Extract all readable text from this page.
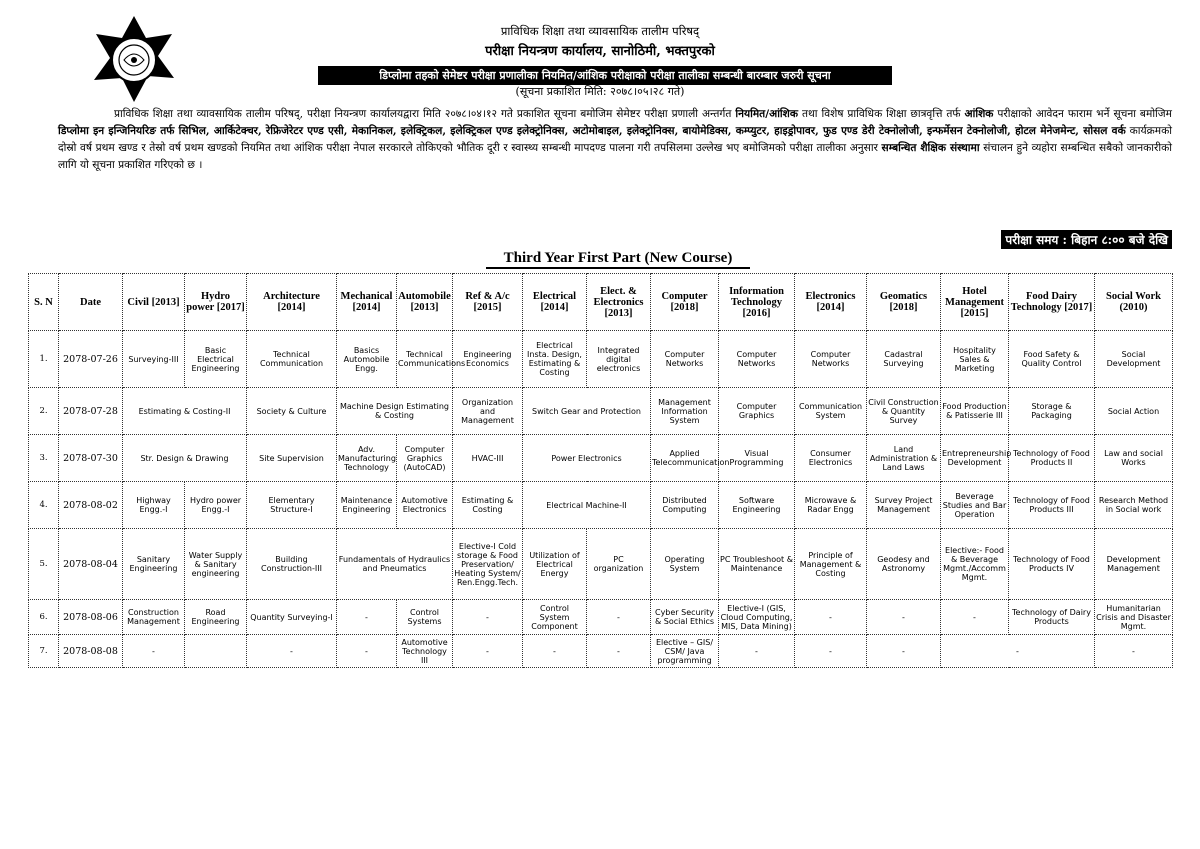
प्राविधिक शिक्षा तथा व्यावसायिक तालीम परिषद्
परीक्षा नियन्त्रण कार्यालय, सानोठिमी, भक्तपुरको
डिप्लोमा तहको सेमेष्टर परीक्षा प्रणालीका नियमित/आंशिक परीक्षाको परीक्षा तालीका सम्बन्धी बारम्बार जरुरी सूचना
(सूचना प्रकाशित मिति: २०७८।०५।२८ गते)
प्राविधिक शिक्षा तथा व्यावसायिक तालीम परिषद्, परीक्षा नियन्त्रण कार्यालयद्वारा मिति २०७८।०४।१२ गते प्रकाशित सूचना बमोजिम सेमेष्टर परीक्षा प्रणाली अन्तर्गत नियमित/आंशिक तथा विशेष प्राविधिक शिक्षा छात्रवृत्ति तर्फ आंशिक परीक्षाको आवेदन फाराम भर्ने सूचना बमोजिम डिप्लोमा इन इन्जिनियरिङ तर्फ सिभिल, आर्किटेक्चर, रेफ्रिजेरेटर एण्ड एसी, मेकानिकल, इलेक्ट्रिकल, इलेक्ट्रिकल एण्ड इलेक्ट्रोनिक्स, अटोमोबाइल, इलेक्ट्रोनिक्स, बायोमेडिक्स, कम्प्युटर, हाइड्रोपावर, फुड एण्ड डेरी टेक्नोलोजी, इन्फर्मेसन टेक्नोलोजी, होटल मेनेजमेन्ट, सोसल वर्क कार्यक्रमको दोस्रो वर्ष प्रथम खण्ड र तेस्रो वर्ष प्रथम खण्डको नियमित तथा आंशिक परीक्षा नेपाल सरकारले तोकिएको भौतिक दूरी र स्वास्थ्य सम्बन्धी मापदण्ड पालना गरी तपसिलमा उल्लेख भए बमोजिमको परीक्षा तालीका अनुसार सम्बन्धित शैक्षिक संस्थामा संचालन हुने व्यहोरा सम्बन्धित सबैको जानकारीको लागि यो सूचना प्रकाशित गरिएको छ ।
परीक्षा समय : बिहान ८:०० बजे देखि
Third Year First Part (New Course)
S. N	Date	Civil [2013]	Hydro power [2017]	Architecture [2014]	Mechanical [2014]	Automobile [2013]	Ref & A/c [2015]	Electrical [2014]	Elect. & Electronics [2013]	Computer [2018]	Information Technology [2016]	Electronics [2014]	Geomatics [2018]	Hotel Management [2015]	Food Dairy Technology [2017]	Social Work (2010)
1.	2078-07-26	Surveying-III	Basic Electrical Engineering	Technical Communication	Basics Automobile Engg.	Technical Communications	Engineering Economics	Electrical Insta. Design, Estimating & Costing	Integrated digital electronics	Computer Networks	Computer Networks	Computer Networks	Cadastral Surveying	Hospitality Sales & Marketing	Food Safety & Quality Control	Social Development
2.	2078-07-28	Estimating & Costing-II		Society & Culture	Machine Design Estimating & Costing		Organization and Management	Switch Gear and Protection		Management Information System	Computer Graphics	Communication System	Civil Construction & Quantity Survey	Food Production & Patisserie III	Storage & Packaging	Social Action
3.	2078-07-30	Str. Design & Drawing		Site Supervision	Adv. Manufacturing Technology	Computer Graphics (AutoCAD)	HVAC-III	Power Electronics		Applied Telecommunication	Visual Programming	Consumer Electronics	Land Administration & Land Laws	Entrepreneurship Development	Technology of Food Products II	Law and social Works
4.	2078-08-02	Highway Engg.-I	Hydro power Engg.-I	Elementary Structure-I	Maintenance Engineering	Automotive Electronics	Estimating & Costing	Electrical Machine-II		Distributed Computing	Software Engineering	Microwave & Radar Engg	Survey Project Management	Beverage Studies and Bar Operation	Technology of Food Products III	Research Method in Social work
5.	2078-08-04	Sanitary Engineering	Water Supply & Sanitary engineering	Building Construction-III	Fundamentals of Hydraulics and Pneumatics		Elective-I Cold storage & Food Preservation/ Heating System/ Ren.Engg.Tech.	Utilization of Electrical Energy	PC organization	Operating System	PC Troubleshoot & Maintenance	Principle of Management & Costing	Geodesy and Astronomy	Elective:- Food & Beverage Mgmt./Accomm Mgmt.	Technology of Food Products IV	Development Management
6.	2078-08-06	Construction Management	Road Engineering	Quantity Surveying-I	-	Control Systems	-	Control System Component	-	Cyber Security & Social Ethics	Elective-I (GIS, Cloud Computing, MIS, Data Mining)	-	-	-	Technology of Dairy Products	Humanitarian Crisis and Disaster Mgmt.
7.	2078-08-08	-		-	-	Automotive Technology III	-	-	-	Elective – GIS/ CSM/ Java programming	-	-	-	-		-
